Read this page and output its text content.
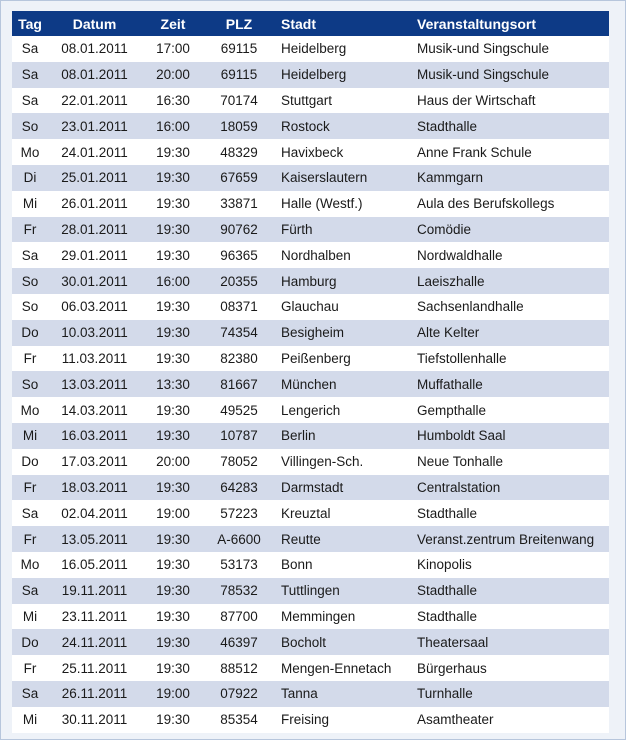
Tag	Datum	Zeit	PLZ	Stadt	Veranstaltungsort
Sa	08.01.2011	17:00	69115	Heidelberg	Musik-und Singschule
Sa	08.01.2011	20:00	69115	Heidelberg	Musik-und Singschule
Sa	22.01.2011	16:30	70174	Stuttgart	Haus der Wirtschaft
So	23.01.2011	16:00	18059	Rostock	Stadthalle
Mo	24.01.2011	19:30	48329	Havixbeck	Anne Frank Schule
Di	25.01.2011	19:30	67659	Kaiserslautern	Kammgarn
Mi	26.01.2011	19:30	33871	Halle (Westf.)	Aula des Berufskollegs
Fr	28.01.2011	19:30	90762	Fürth	Comödie
Sa	29.01.2011	19:30	96365	Nordhalben	Nordwaldhalle
So	30.01.2011	16:00	20355	Hamburg	Laeiszhalle
So	06.03.2011	19:30	08371	Glauchau	Sachsenlandhalle
Do	10.03.2011	19:30	74354	Besigheim	Alte Kelter
Fr	11.03.2011	19:30	82380	Peißenberg	Tiefstollenhalle
So	13.03.2011	13:30	81667	München	Muffathalle
Mo	14.03.2011	19:30	49525	Lengerich	Gempthalle
Mi	16.03.2011	19:30	10787	Berlin	Humboldt Saal
Do	17.03.2011	20:00	78052	Villingen-Sch.	Neue Tonhalle
Fr	18.03.2011	19:30	64283	Darmstadt	Centralstation
Sa	02.04.2011	19:00	57223	Kreuztal	Stadthalle
Fr	13.05.2011	19:30	A-6600	Reutte	Veranst.zentrum Breitenwang
Mo	16.05.2011	19:30	53173	Bonn	Kinopolis
Sa	19.11.2011	19:30	78532	Tuttlingen	Stadthalle
Mi	23.11.2011	19:30	87700	Memmingen	Stadthalle
Do	24.11.2011	19:30	46397	Bocholt	Theatersaal
Fr	25.11.2011	19:30	88512	Mengen-Ennetach	Bürgerhaus
Sa	26.11.2011	19:00	07922	Tanna	Turnhalle
Mi	30.11.2011	19:30	85354	Freising	Asamtheater
